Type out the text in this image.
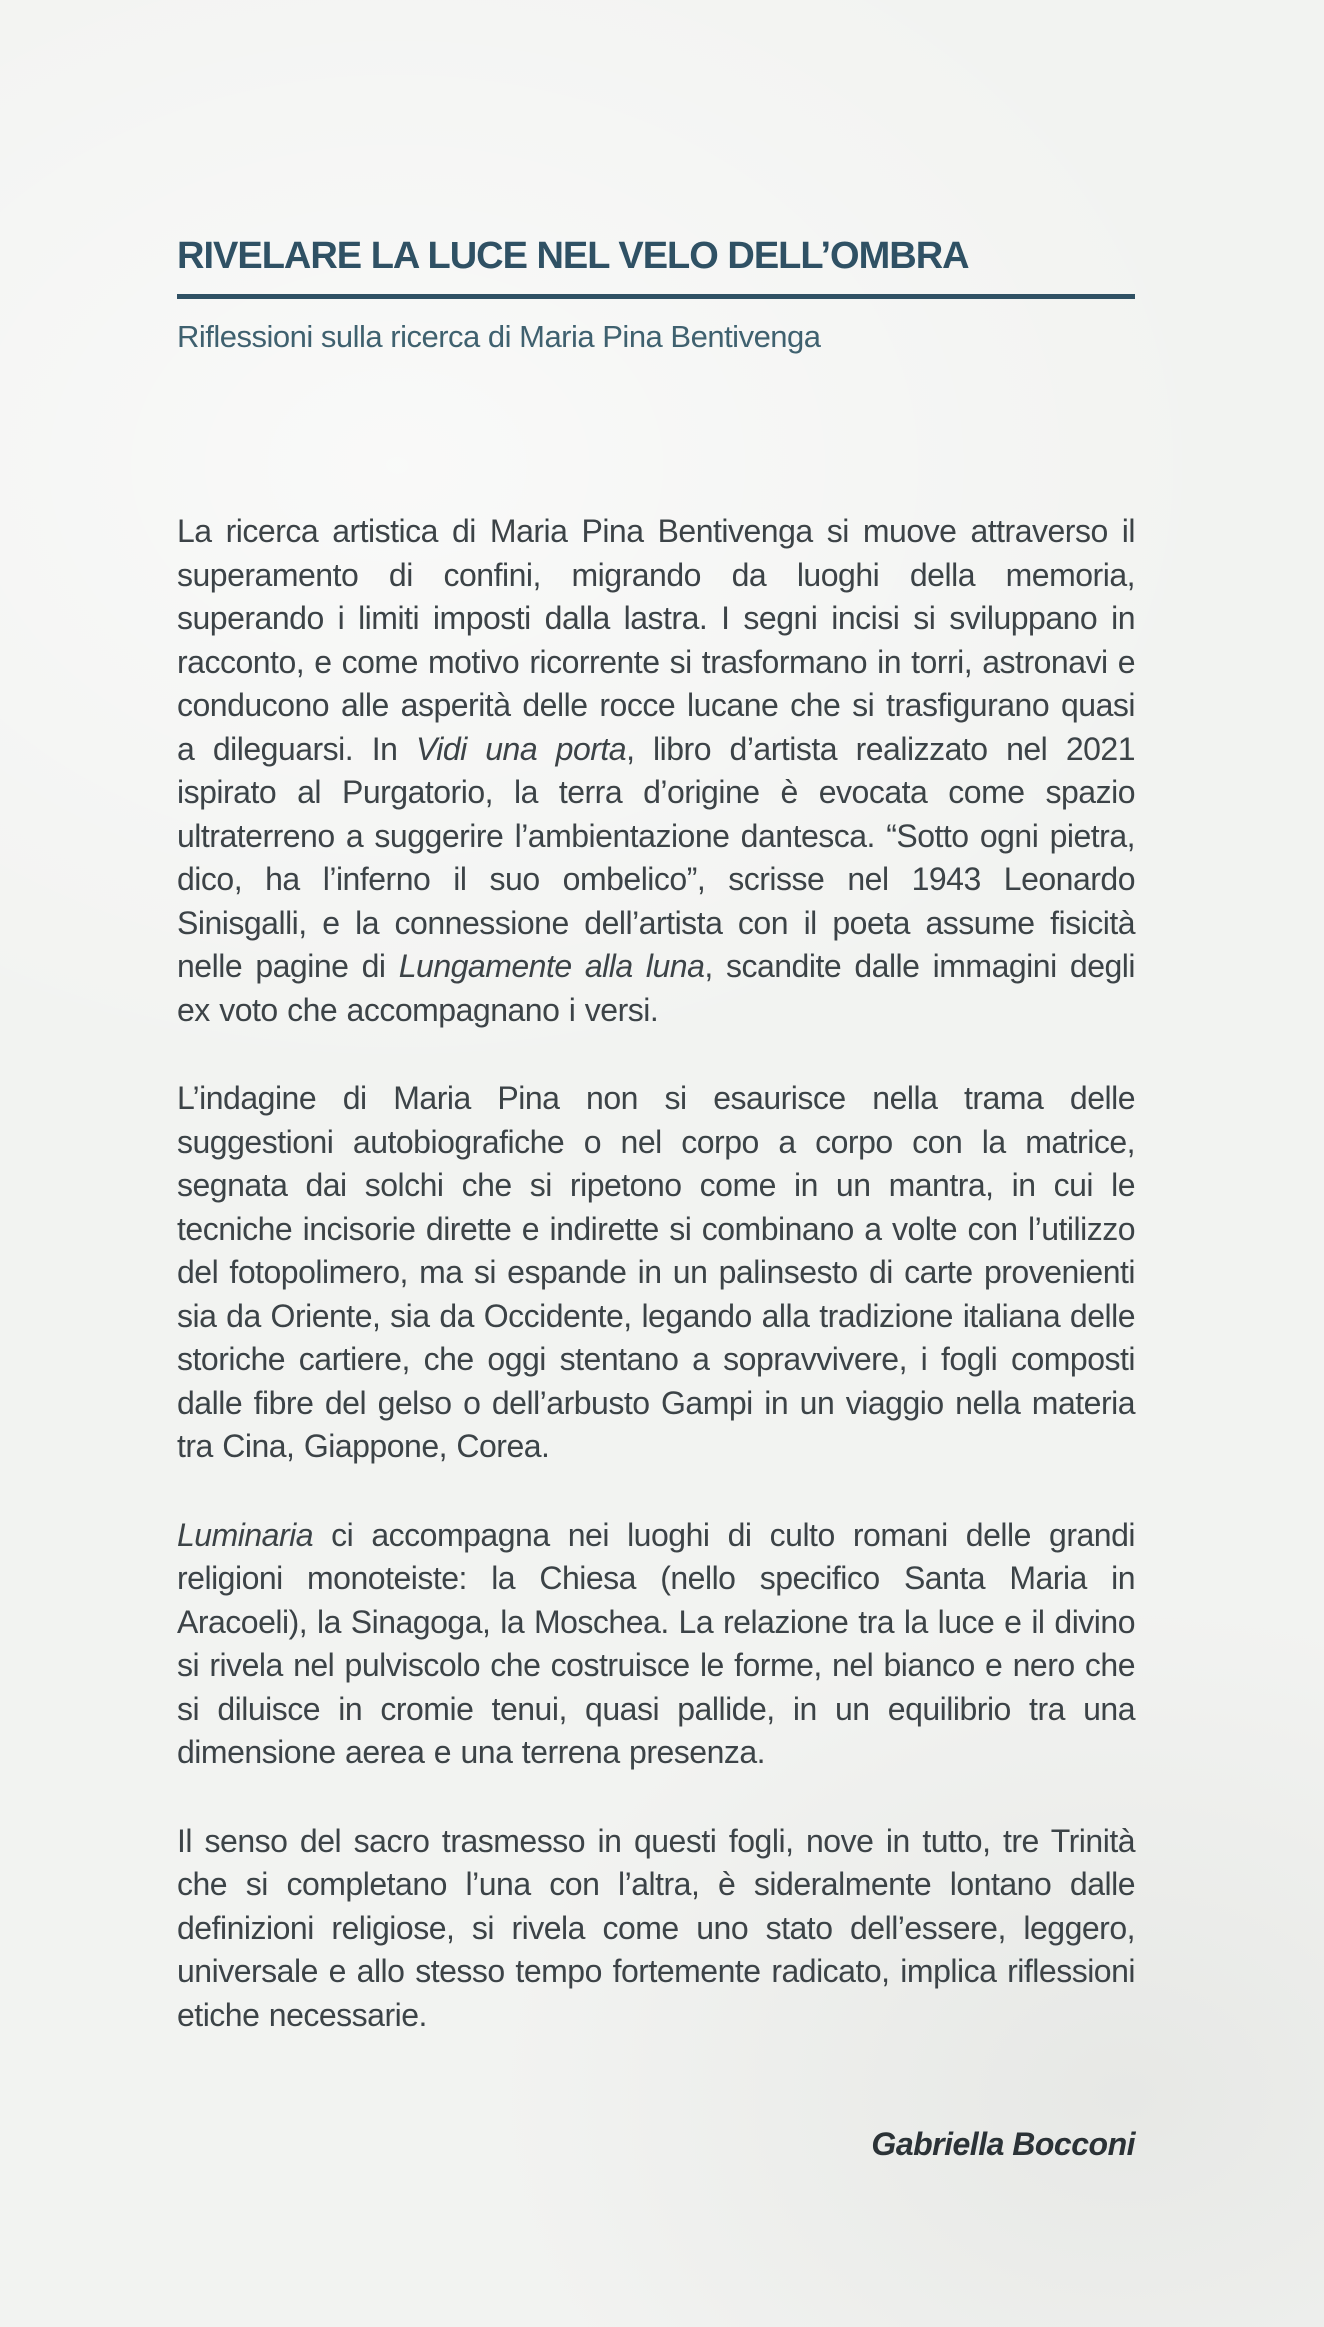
RIVELARE LA LUCE NEL VELO DELL’OMBRA
Riflessioni sulla ricerca di Maria Pina Bentivenga

La ricerca artistica di Maria Pina Bentivenga si muove attraverso il superamento di confini, migrando da luoghi della memoria, superando i limiti imposti dalla lastra. I segni incisi si sviluppano in racconto, e come motivo ricorrente si trasformano in torri, astronavi e conducono alle asperità delle rocce lucane che si trasfigurano quasi a dileguarsi. In Vidi una porta, libro d’artista realizzato nel 2021 ispirato al Purgatorio, la terra d’origine è evocata come spazio ultraterreno a suggerire l’ambientazione dantesca. “Sotto ogni pietra, dico, ha l’inferno il suo ombelico”, scrisse nel 1943 Leonardo Sinisgalli, e la connessione dell’artista con il poeta assume fisicità nelle pagine di Lungamente alla luna, scandite dalle immagini degli ex voto che accompagnano i versi.

L’indagine di Maria Pina non si esaurisce nella trama delle suggestioni autobiografiche o nel corpo a corpo con la matrice, segnata dai solchi che si ripetono come in un mantra, in cui le tecniche incisorie dirette e indirette si combinano a volte con l’utilizzo del fotopolimero, ma si espande in un palinsesto di carte provenienti sia da Oriente, sia da Occidente, legando alla tradizione italiana delle storiche cartiere, che oggi stentano a sopravvivere, i fogli composti dalle fibre del gelso o dell’arbusto Gampi in un viaggio nella materia tra Cina, Giappone, Corea.

Luminaria ci accompagna nei luoghi di culto romani delle grandi religioni monoteiste: la Chiesa (nello specifico Santa Maria in Aracoeli), la Sinagoga, la Moschea. La relazione tra la luce e il divino si rivela nel pulviscolo che costruisce le forme, nel bianco e nero che si diluisce in cromie tenui, quasi pallide, in un equilibrio tra una dimensione aerea e una terrena presenza.

Il senso del sacro trasmesso in questi fogli, nove in tutto, tre Trinità che si completano l’una con l’altra, è sideralmente lontano dalle definizioni religiose, si rivela come uno stato dell’essere, leggero, universale e allo stesso tempo fortemente radicato, implica riflessioni etiche necessarie.

Gabriella Bocconi
